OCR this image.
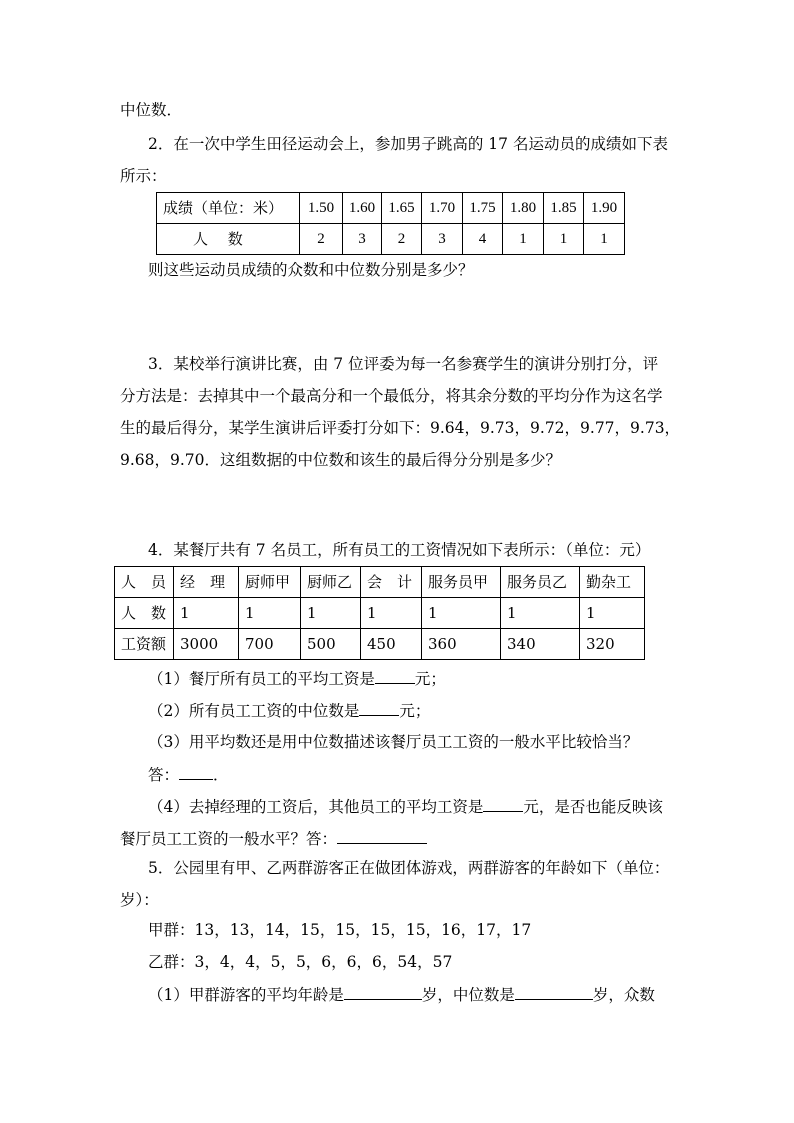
中位数．
2．在一次中学生田径运动会上，参加男子跳高的 17 名运动员的成绩如下表
所示：
成绩（单位：米）	1.50	1.60	1.65	1.70	1.75	1.80	1.85	1.90
人　 数	2	3	2	3	4	1	1	1
则这些运动员成绩的众数和中位数分别是多少？
3．某校举行演讲比赛，由 7 位评委为每一名参赛学生的演讲分别打分，评
分方法是：去掉其中一个最高分和一个最低分，将其余分数的平均分作为这名学
生的最后得分，某学生演讲后评委打分如下：9.64，9.73，9.72，9.77，9.73，
9.68，9.70．这组数据的中位数和该生的最后得分分别是多少？
4．某餐厅共有 7 名员工，所有员工的工资情况如下表所示：（单位：元）
人　员	经　理	厨师甲	厨师乙	会　计	服务员甲	服务员乙	勤杂工
人　数	1	1	1	1	1	1	1
工资额	3000	700	500	450	360	340	320
（1）餐厅所有员工的平均工资是	元；
（2）所有员工工资的中位数是	元；
（3）用平均数还是用中位数描述该餐厅员工工资的一般水平比较恰当？
答： ．
（4）去掉经理的工资后，其他员工的平均工资是	元，是否也能反映该
餐厅员工工资的一般水平？答：
5．公园里有甲、乙两群游客正在做团体游戏，两群游客的年龄如下（单位：
岁）：
甲群：13，13，14，15，15，15，15，16，17，17
乙群：3，4，4，5，5，6，6，6，54，57
（1）甲群游客的平均年龄是	岁，中位数是	岁，众数
